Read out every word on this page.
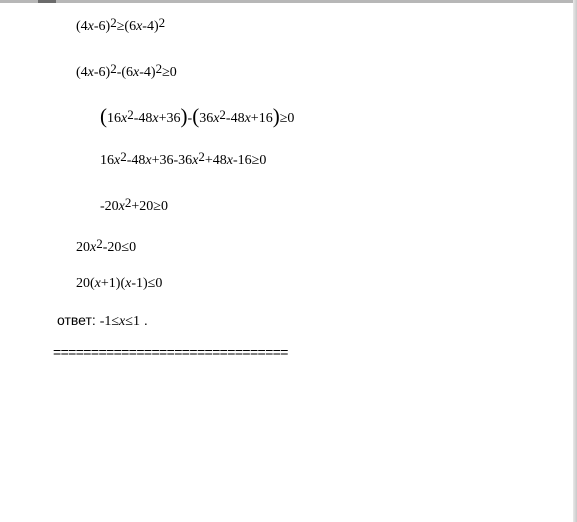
$(4x-6)^2\ge(6x-4)^2$
$(4x-6)^2-(6x-4)^2\ge 0$
$(16x^2-48x+36)-(36x^2-48x+16)\ge 0$
$16x^2-48x+36-36x^2+48x-16\ge 0$
$-20x^2+20\ge 0$
$20x^2-20\le 0$
20(x+1)(x-1)≤0
ответ: -1≤x≤1 .
===============================
